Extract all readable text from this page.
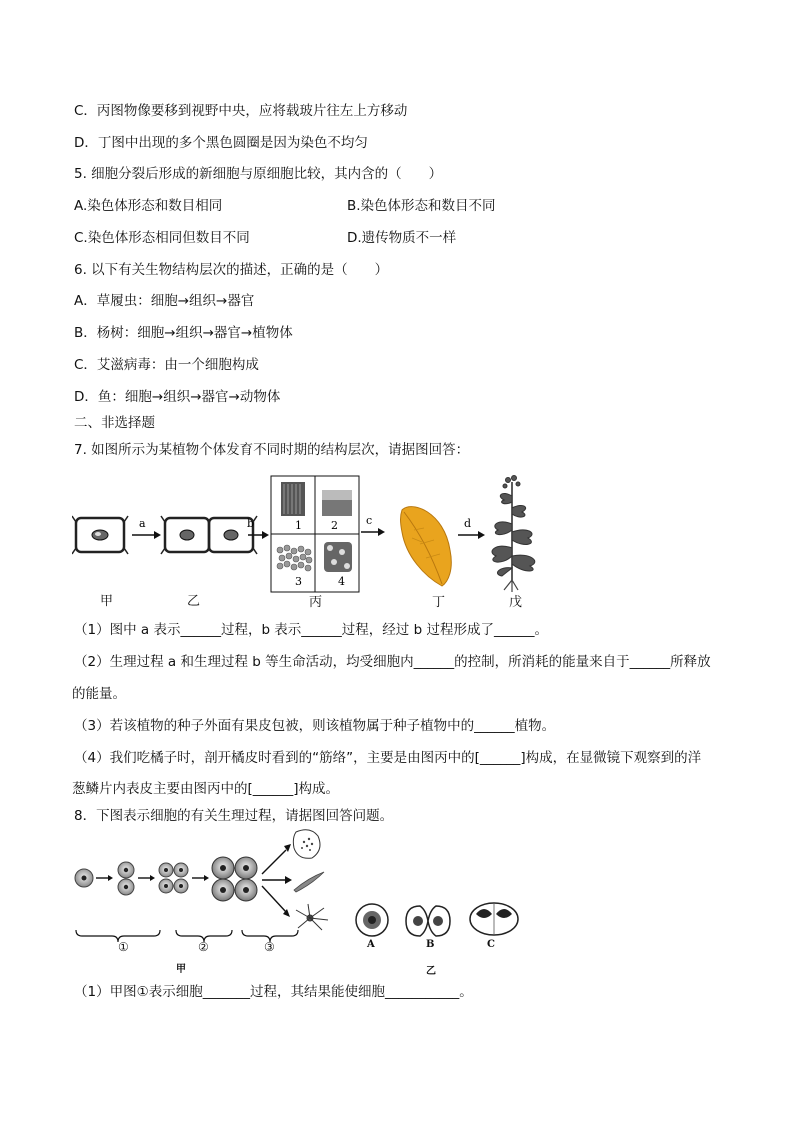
C．丙图物像要移到视野中央，应将载玻片往左上方移动
D．丁图中出现的多个黑色圆圈是因为染色不均匀
5. 细胞分裂后形成的新细胞与原细胞比较，其内含的（　　）
A.染色体形态和数目相同	B.染色体形态和数目不同
C.染色体形态相同但数目不同	D.遗传物质不一样
6. 以下有关生物结构层次的描述，正确的是（　　）
A．草履虫：细胞→组织→器官
B．杨树：细胞→组织→器官→植物体
C．艾滋病毒：由一个细胞构成
D．鱼：细胞→组织→器官→动物体
二、非选择题
7. 如图所示为某植物个体发育不同时期的结构层次，请据图回答：
a	b	1	2
3	4
c	d
甲	乙	丙	丁	戊
（1）图中 a 表示______过程，b 表示______过程，经过 b 过程形成了______。
（2）生理过程 a 和生理过程 b 等生命活动，均受细胞内______的控制，所消耗的能量来自于______所释放
的能量。
（3）若该植物的种子外面有果皮包被，则该植物属于种子植物中的______植物。
（4）我们吃橘子时，剖开橘皮时看到的“筋络”，主要是由图丙中的[______]构成，在显微镜下观察到的洋
葱鳞片内表皮主要由图丙中的[______]构成。
8．下图表示细胞的有关生理过程，请据图回答问题。
①	②	③
甲
A	B	C
乙
（1）甲图①表示细胞_______过程，其结果能使细胞___________。
